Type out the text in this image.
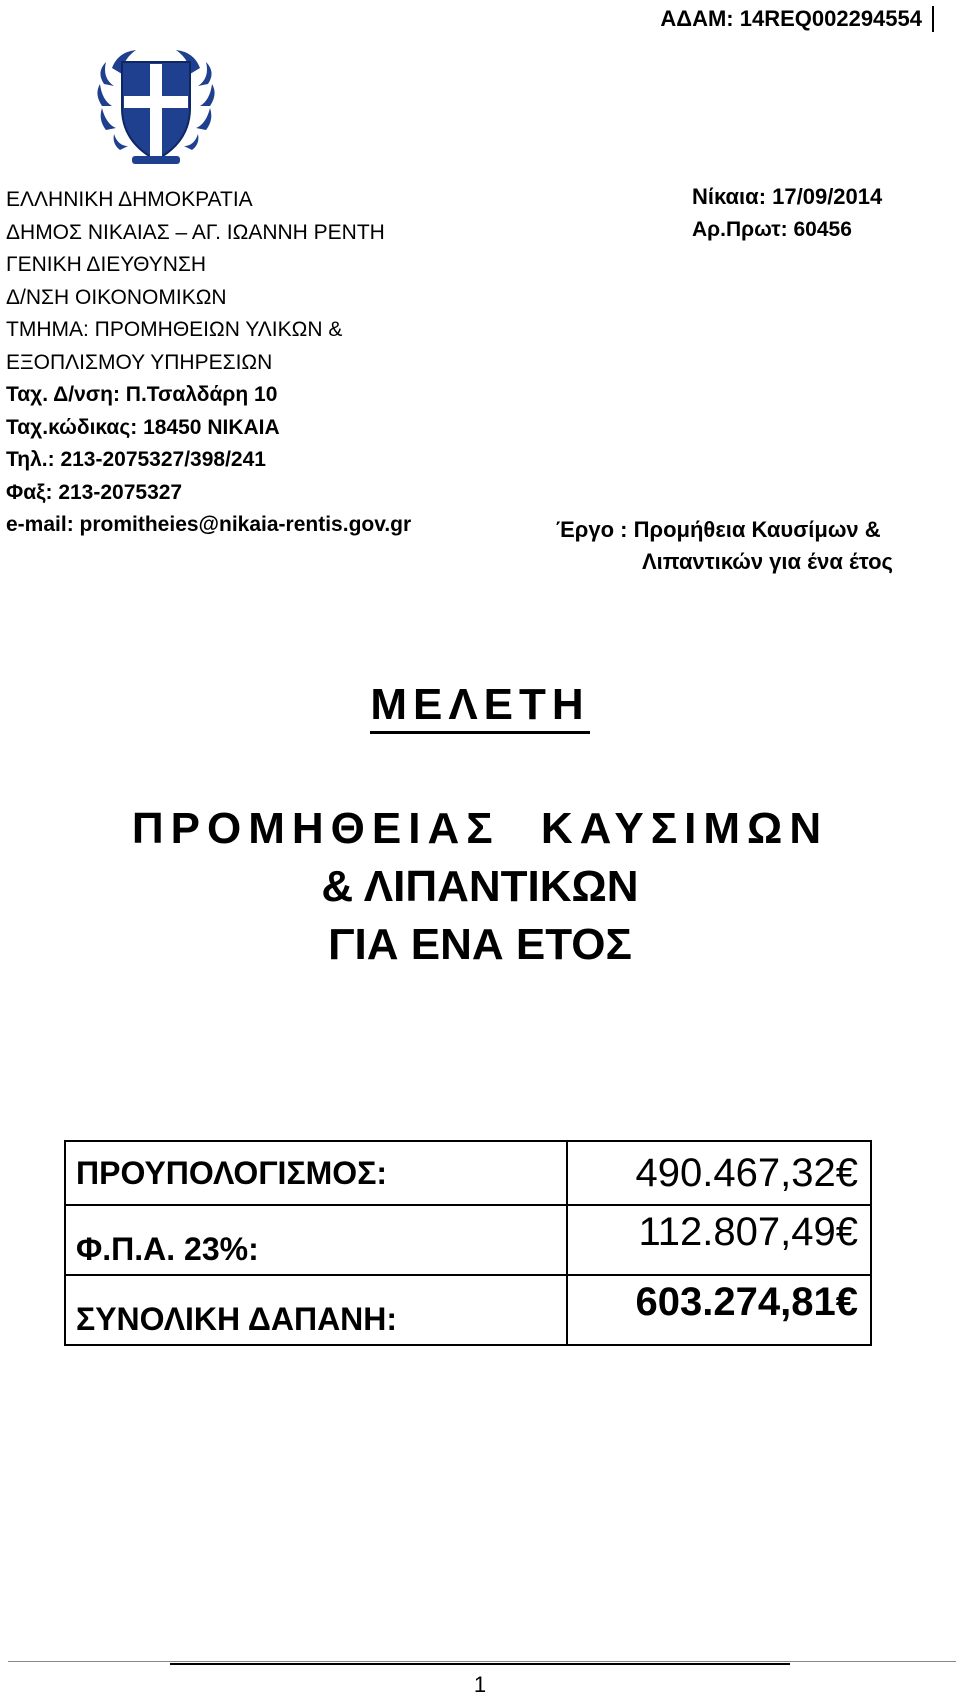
ΑΔΑΜ: 14REQ002294554
ΕΛΛΗΝΙΚΗ ΔΗΜΟΚΡΑΤΙΑ
ΔΗΜΟΣ ΝΙΚΑΙΑΣ – ΑΓ. ΙΩΑΝΝΗ ΡΕΝΤΗ
ΓΕΝΙΚΗ ΔΙΕΥΘΥΝΣΗ
Δ/ΝΣΗ ΟΙΚΟΝΟΜΙΚΩΝ
ΤΜΗΜΑ: ΠΡΟΜΗΘΕΙΩΝ ΥΛΙΚΩΝ &
ΕΞΟΠΛΙΣΜΟΥ ΥΠΗΡΕΣΙΩΝ
Ταχ. Δ/νση: Π.Τσαλδάρη 10
Ταχ.κώδικας: 18450 ΝΙΚΑΙΑ
Τηλ.: 213-2075327/398/241
Φαξ: 213-2075327
e-mail: promitheies@nikaia-rentis.gov.gr
Νίκαια: 17/09/2014
Αρ.Πρωτ: 60456
Έργο : Προμήθεια Καυσίμων &
Λιπαντικών για ένα έτος
ΜΕΛΕΤΗ
ΠΡΟΜΗΘΕΙΑΣ ΚΑΥΣΙΜΩΝ
& ΛΙΠΑΝΤΙΚΩΝ
ΓΙΑ ΕΝΑ ΕΤΟΣ
ΠΡΟΥΠΟΛΟΓΙΣΜΟΣ:	490.467,32€
Φ.Π.Α. 23%:	112.807,49€
ΣΥΝΟΛΙΚΗ ΔΑΠΑΝΗ:	603.274,81€
1
